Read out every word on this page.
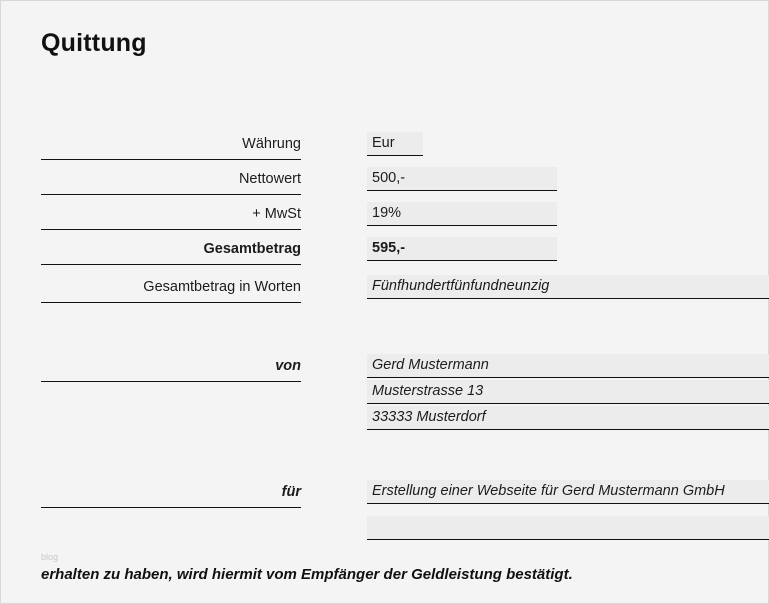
Quittung
Währung	Eur
Nettowert	500,-
+ MwSt	19%
Gesamtbetrag	595,-
Gesamtbetrag in Worten	Fünfhundertfünfundneunzig
von	Gerd Mustermann
Musterstrasse 13
33333 Musterdorf
für	Erstellung einer Webseite für Gerd Mustermann GmbH
blog
erhalten zu haben, wird hiermit vom Empfänger der Geldleistung bestätigt.
